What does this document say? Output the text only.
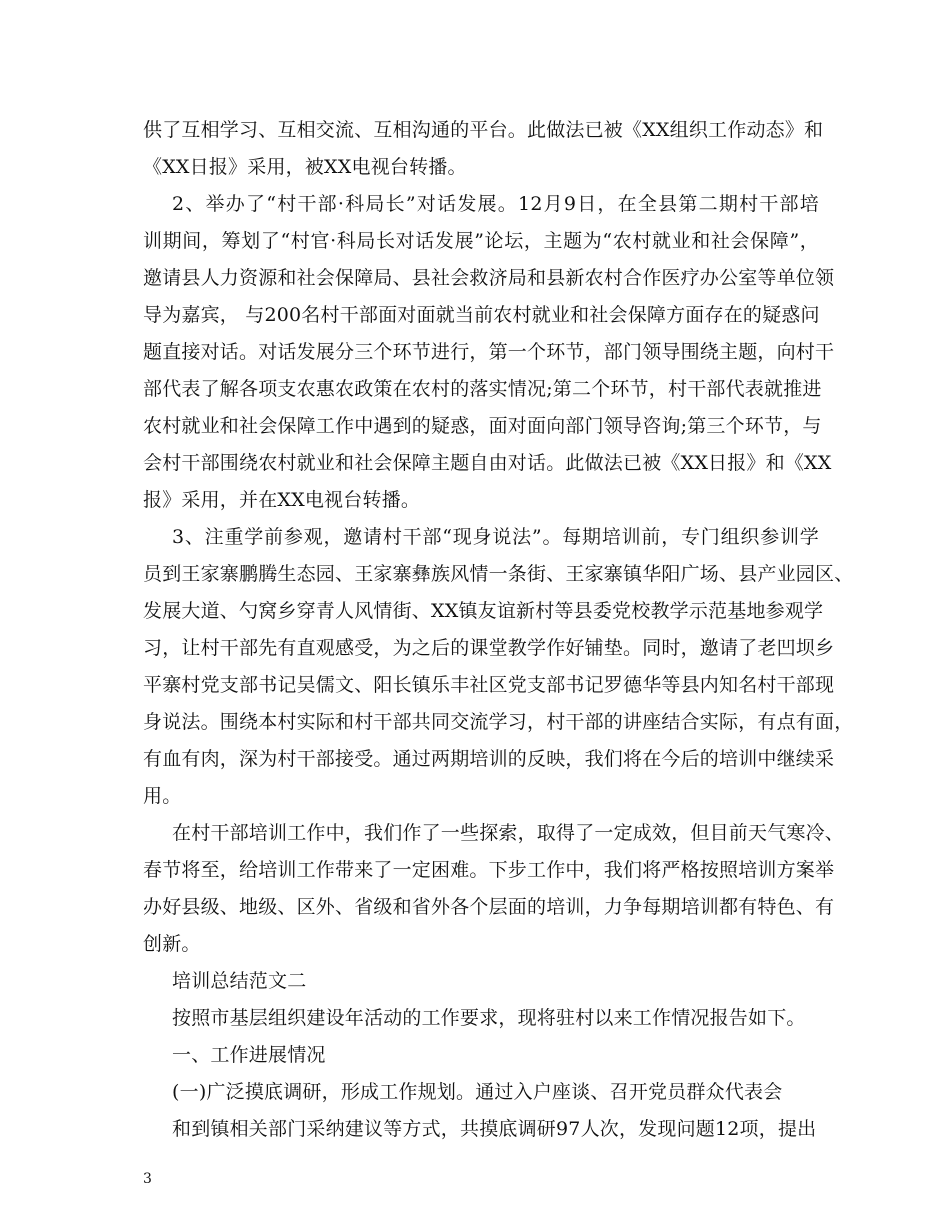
供了互相学习、互相交流、互相沟通的平台。此做法已被《XX组织工作动态》和
《XX日报》采用，被XX电视台转播。
2、举办了“村干部·科局长”对话发展。12月9日，在全县第二期村干部培
训期间，筹划了“村官·科局长对话发展”论坛，主题为“农村就业和社会保障”，
邀请县人力资源和社会保障局、县社会救济局和县新农村合作医疗办公室等单位领
导为嘉宾， 与200名村干部面对面就当前农村就业和社会保障方面存在的疑惑问
题直接对话。对话发展分三个环节进行，第一个环节，部门领导围绕主题，向村干
部代表了解各项支农惠农政策在农村的落实情况;第二个环节，村干部代表就推进
农村就业和社会保障工作中遇到的疑惑，面对面向部门领导咨询;第三个环节，与
会村干部围绕农村就业和社会保障主题自由对话。此做法已被《XX日报》和《XX
报》采用，并在XX电视台转播。
3、注重学前参观，邀请村干部“现身说法”。每期培训前，专门组织参训学
员到王家寨鹏腾生态园、王家寨彝族风情一条街、王家寨镇华阳广场、县产业园区、
发展大道、勺窝乡穿青人风情街、XX镇友谊新村等县委党校教学示范基地参观学
习，让村干部先有直观感受，为之后的课堂教学作好铺垫。同时，邀请了老凹坝乡
平寨村党支部书记吴儒文、阳长镇乐丰社区党支部书记罗德华等县内知名村干部现
身说法。围绕本村实际和村干部共同交流学习，村干部的讲座结合实际，有点有面，
有血有肉，深为村干部接受。通过两期培训的反映，我们将在今后的培训中继续采
用。
在村干部培训工作中，我们作了一些探索，取得了一定成效，但目前天气寒冷、
春节将至，给培训工作带来了一定困难。下步工作中，我们将严格按照培训方案举
办好县级、地级、区外、省级和省外各个层面的培训，力争每期培训都有特色、有
创新。
培训总结范文二
按照市基层组织建设年活动的工作要求，现将驻村以来工作情况报告如下。
一、工作进展情况
(一)广泛摸底调研，形成工作规划。通过入户座谈、召开党员群众代表会
和到镇相关部门采纳建议等方式，共摸底调研97人次，发现问题12项，提出
3
